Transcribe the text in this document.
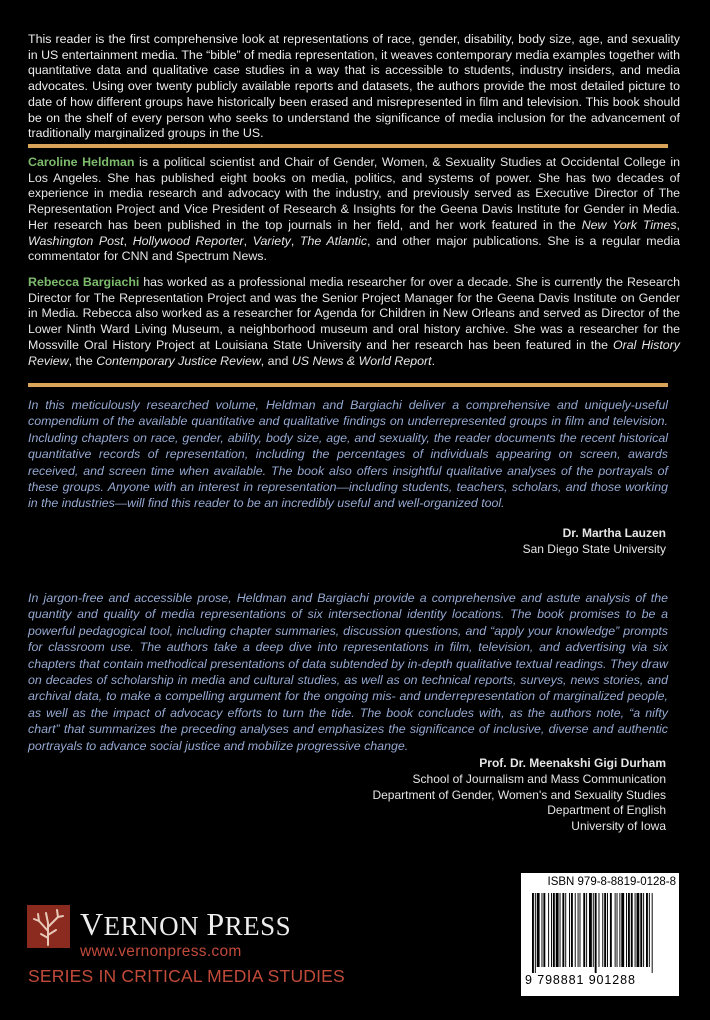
This reader is the first comprehensive look at representations of race, gender, disability, body size, age, and sexuality in US entertainment media. The “bible” of media representation, it weaves contemporary media examples together with quantitative data and qualitative case studies in a way that is accessible to students, industry insiders, and media advocates. Using over twenty publicly available reports and datasets, the authors provide the most detailed picture to date of how different groups have historically been erased and misrepresented in film and television. This book should be on the shelf of every person who seeks to understand the significance of media inclusion for the advancement of traditionally marginalized groups in the US.
Caroline Heldman is a political scientist and Chair of Gender, Women, & Sexuality Studies at Occidental College in Los Angeles. She has published eight books on media, politics, and systems of power. She has two decades of experience in media research and advocacy with the industry, and previously served as Executive Director of The Representation Project and Vice President of Research & Insights for the Geena Davis Institute for Gender in Media. Her research has been published in the top journals in her field, and her work featured in the New York Times, Washington Post, Hollywood Reporter, Variety, The Atlantic, and other major publications. She is a regular media commentator for CNN and Spectrum News.
Rebecca Bargiachi has worked as a professional media researcher for over a decade. She is currently the Research Director for The Representation Project and was the Senior Project Manager for the Geena Davis Institute on Gender in Media. Rebecca also worked as a researcher for Agenda for Children in New Orleans and served as Director of the Lower Ninth Ward Living Museum, a neighborhood museum and oral history archive. She was a researcher for the Mossville Oral History Project at Louisiana State University and her research has been featured in the Oral History Review, the Contemporary Justice Review, and US News & World Report.
In this meticulously researched volume, Heldman and Bargiachi deliver a comprehensive and uniquely-useful compendium of the available quantitative and qualitative findings on underrepresented groups in film and television. Including chapters on race, gender, ability, body size, age, and sexuality, the reader documents the recent historical quantitative records of representation, including the percentages of individuals appearing on screen, awards received, and screen time when available. The book also offers insightful qualitative analyses of the portrayals of these groups. Anyone with an interest in representation—including students, teachers, scholars, and those working in the industries—will find this reader to be an incredibly useful and well-organized tool.
Dr. Martha Lauzen
San Diego State University
In jargon-free and accessible prose, Heldman and Bargiachi provide a comprehensive and astute analysis of the quantity and quality of media representations of six intersectional identity locations. The book promises to be a powerful pedagogical tool, including chapter summaries, discussion questions, and “apply your knowledge” prompts for classroom use. The authors take a deep dive into representations in film, television, and advertising via six chapters that contain methodical presentations of data subtended by in-depth qualitative textual readings. They draw on decades of scholarship in media and cultural studies, as well as on technical reports, surveys, news stories, and archival data, to make a compelling argument for the ongoing mis- and underrepresentation of marginalized people, as well as the impact of advocacy efforts to turn the tide. The book concludes with, as the authors note, “a nifty chart” that summarizes the preceding analyses and emphasizes the significance of inclusive, diverse and authentic portrayals to advance social justice and mobilize progressive change.
Prof. Dr. Meenakshi Gigi Durham
School of Journalism and Mass Communication
Department of Gender, Women's and Sexuality Studies
Department of English
University of Iowa
VERNON PRESS
www.vernonpress.com
SERIES IN CRITICAL MEDIA STUDIES
ISBN 979-8-8819-0128-8
9 798881 901288
